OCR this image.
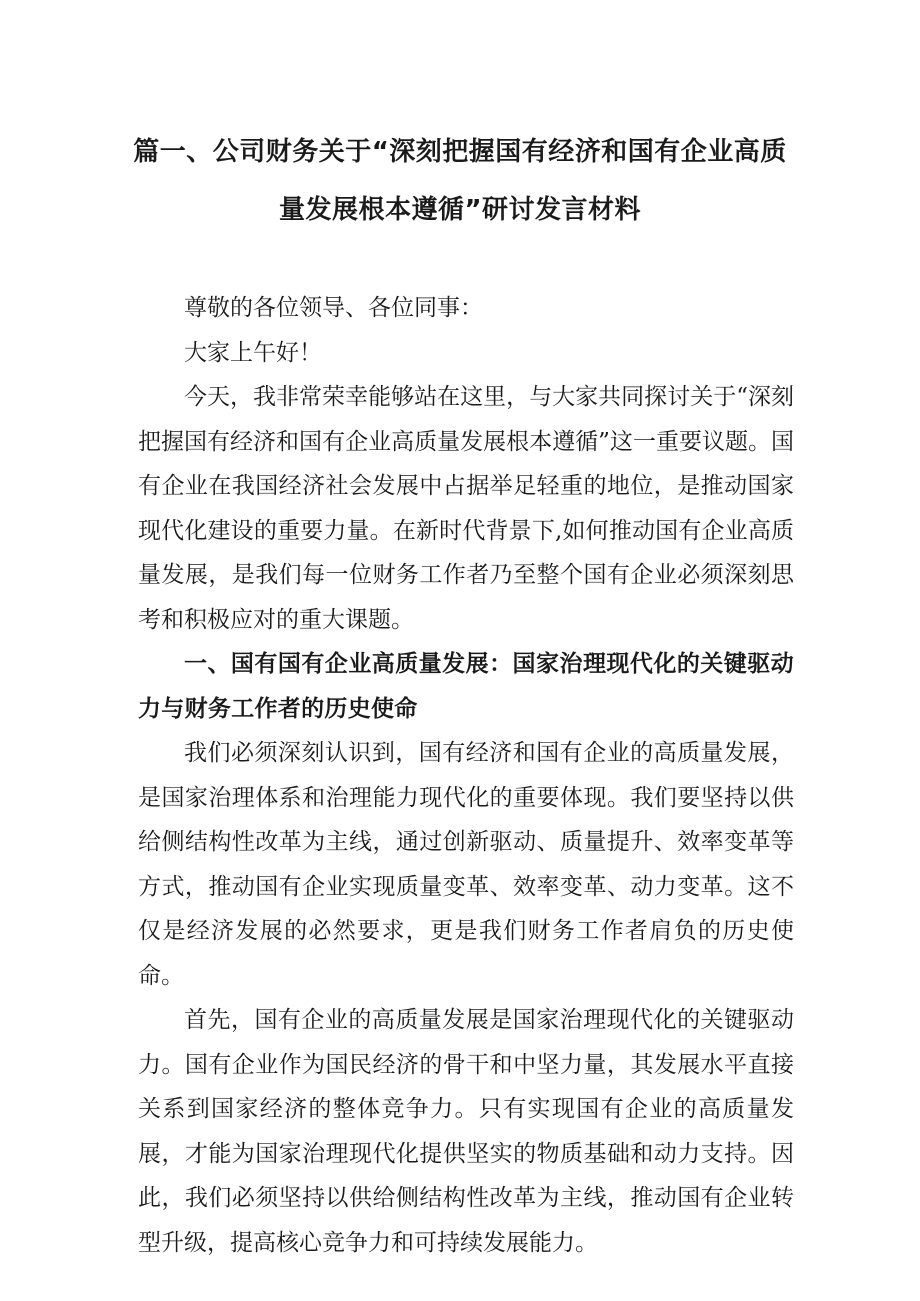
篇一、公司财务关于“深刻把握国有经济和国有企业高质
量发展根本遵循”研讨发言材料

尊敬的各位领导、各位同事：

大家上午好！

今天，我非常荣幸能够站在这里，与大家共同探讨关于“深刻把握国有经济和国有企业高质量发展根本遵循”这一重要议题。国有企业在我国经济社会发展中占据举足轻重的地位，是推动国家现代化建设的重要力量。在新时代背景下,如何推动国有企业高质量发展，是我们每一位财务工作者乃至整个国有企业必须深刻思考和积极应对的重大课题。

一、国有国有企业高质量发展：国家治理现代化的关键驱动力与财务工作者的历史使命

我们必须深刻认识到，国有经济和国有企业的高质量发展，是国家治理体系和治理能力现代化的重要体现。我们要坚持以供给侧结构性改革为主线，通过创新驱动、质量提升、效率变革等方式，推动国有企业实现质量变革、效率变革、动力变革。这不仅是经济发展的必然要求，更是我们财务工作者肩负的历史使命。

首先，国有企业的高质量发展是国家治理现代化的关键驱动力。国有企业作为国民经济的骨干和中坚力量，其发展水平直接关系到国家经济的整体竞争力。只有实现国有企业的高质量发展，才能为国家治理现代化提供坚实的物质基础和动力支持。因此，我们必须坚持以供给侧结构性改革为主线，推动国有企业转型升级，提高核心竞争力和可持续发展能力。
